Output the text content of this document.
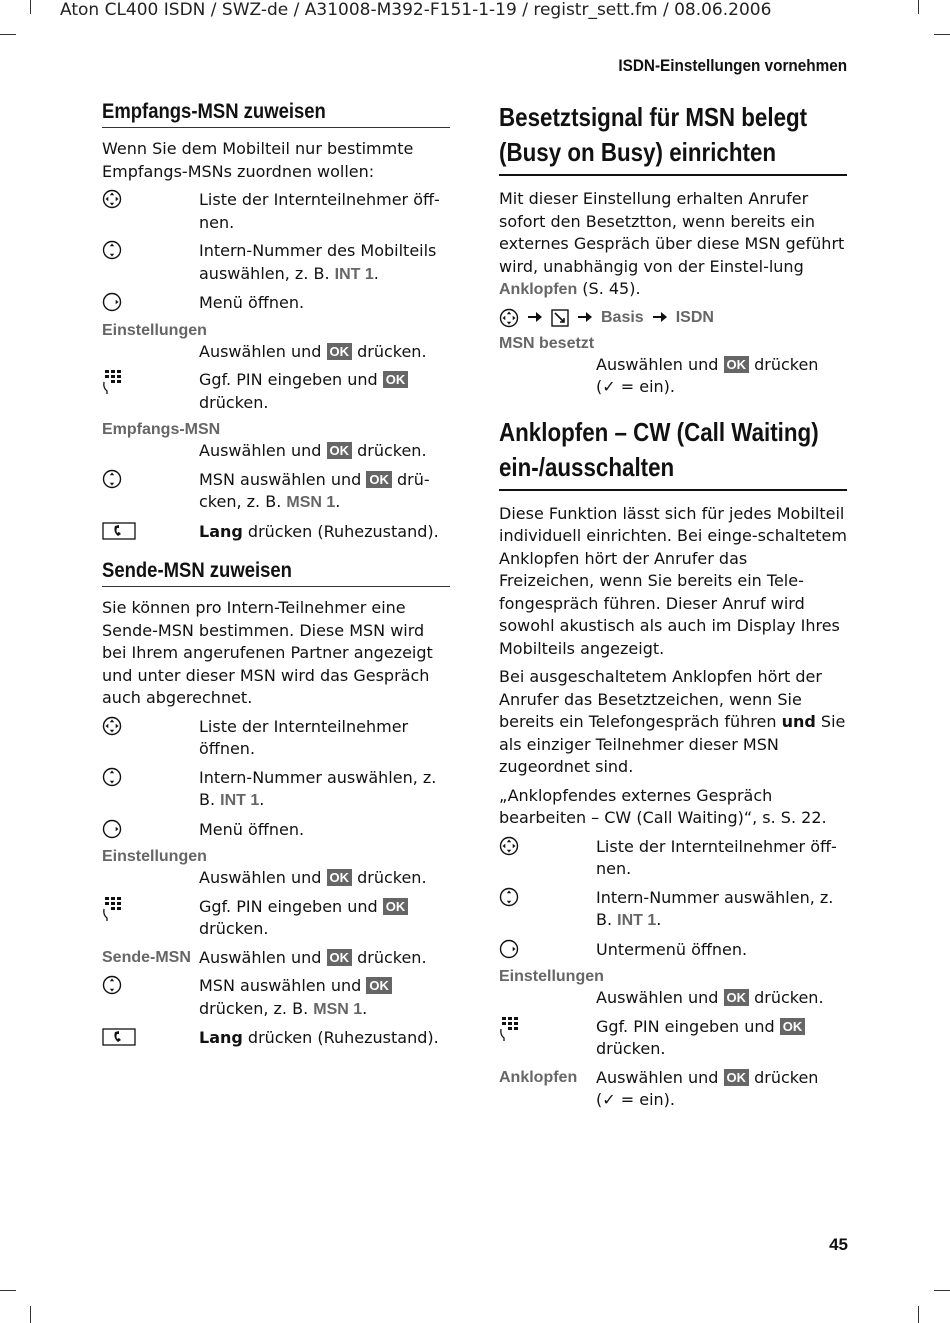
Aton CL400 ISDN / SWZ-de / A31008-M392-F151-1-19 / registr_sett.fm / 08.06.2006
ISDN-Einstellungen vornehmen
45
Empfangs-MSN zuweisen

Wenn Sie dem Mobilteil nur bestimmte Empfangs-MSNs zuordnen wollen:

Liste der Internteilnehmer öff-nen.
Intern-Nummer des Mobilteils auswählen, z. B. INT 1.
Menü öffnen.
Einstellungen
Auswählen und OK drücken.
Ggf. PIN eingeben und OK drücken.
Empfangs-MSN
Auswählen und OK drücken.
MSN auswählen und OK drü-cken, z. B. MSN 1.
Lang drücken (Ruhezustand).
Sende-MSN zuweisen

Sie können pro Intern-Teilnehmer eine Sende-MSN bestimmen. Diese MSN wird bei Ihrem angerufenen Partner angezeigt und unter dieser MSN wird das Gespräch auch abgerechnet.

Liste der Internteilnehmer öffnen.
Intern-Nummer auswählen, z. B. INT 1.
Menü öffnen.
Einstellungen
Auswählen und OK drücken.
Ggf. PIN eingeben und OK drücken.
Sende-MSN Auswählen und OK drücken.
MSN auswählen und OK drücken, z. B. MSN 1.
Lang drücken (Ruhezustand).
Besetztsignal für MSN belegt
(Busy on Busy) einrichten

Mit dieser Einstellung erhalten Anrufer sofort den Besetztton, wenn bereits ein externes Gespräch über diese MSN geführt wird, unabhängig von der Einstel-lung Anklopfen (S. 45).

Basis ISDN
MSN besetzt
Auswählen und OK drücken
(✓ = ein).
Anklopfen – CW (Call Waiting)
ein-/ausschalten

Diese Funktion lässt sich für jedes Mobilteil individuell einrichten. Bei einge-schaltetem Anklopfen hört der Anrufer das Freizeichen, wenn Sie bereits ein Tele-fongespräch führen. Dieser Anruf wird sowohl akustisch als auch im Display Ihres Mobilteils angezeigt.

Bei ausgeschaltetem Anklopfen hört der Anrufer das Besetztzeichen, wenn Sie bereits ein Telefongespräch führen und Sie als einziger Teilnehmer dieser MSN zugeordnet sind.

„Anklopfendes externes Gespräch bearbeiten – CW (Call Waiting)“, s. S. 22.

Liste der Internteilnehmer öff-nen.
Intern-Nummer auswählen, z. B. INT 1.
Untermenü öffnen.
Einstellungen
Auswählen und OK drücken.
Ggf. PIN eingeben und OK drücken.
Anklopfen	Auswählen und OK drücken
(✓ = ein).
